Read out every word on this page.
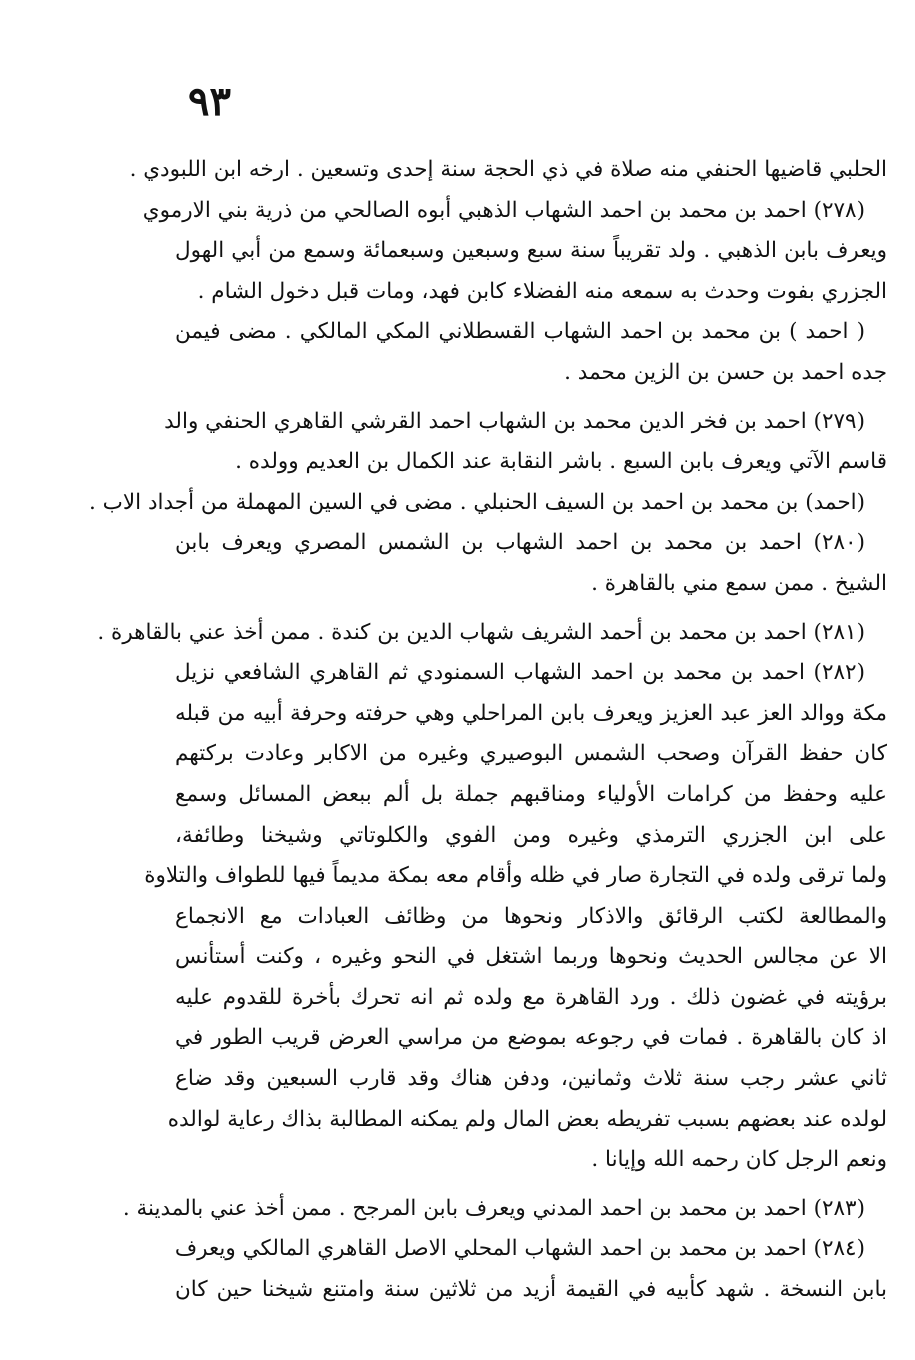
٩٣
الحلبي قاضيها الحنفي منه صلاة في ذي الحجة سنة إحدى وتسعين . ارخه ابن اللبودي .
(٢٧٨) احمد بن محمد بن احمد الشهاب الذهبي أبوه الصالحي من ذرية بني الارموي
ويعرف بابن الذهبي . ولد تقريباً سنة سبع وسبعين وسبعمائة وسمع من أبي الهول
الجزري بفوت وحدث به سمعه منه الفضلاء كابن فهد، ومات قبل دخول الشام .
( احمد ) بن محمد بن احمد الشهاب القسطلاني المكي المالكي . مضى فيمن
جده احمد بن حسن بن الزين محمد .
(٢٧٩) احمد بن فخر الدين محمد بن الشهاب احمد القرشي القاهري الحنفي والد
قاسم الآتي ويعرف بابن السبع . باشر النقابة عند الكمال بن العديم وولده .
(احمد) بن محمد بن احمد بن السيف الحنبلي . مضى في السين المهملة من أجداد الاب .
(٢٨٠) احمد بن محمد بن احمد الشهاب بن الشمس المصري ويعرف بابن
الشيخ . ممن سمع مني بالقاهرة .
(٢٨١) احمد بن محمد بن أحمد الشريف شهاب الدين بن كندة . ممن أخذ عني بالقاهرة .
(٢٨٢) احمد بن محمد بن احمد الشهاب السمنودي ثم القاهري الشافعي نزيل
مكة ووالد العز عبد العزيز ويعرف بابن المراحلي وهي حرفته وحرفة أبيه من قبله
كان حفظ القرآن وصحب الشمس البوصيري وغيره من الاكابر وعادت بركتهم
عليه وحفظ من كرامات الأولياء ومناقبهم جملة بل ألم ببعض المسائل وسمع
على ابن الجزري الترمذي وغيره ومن الفوي والكلوتاتي وشيخنا وطائفة،
ولما ترقى ولده في التجارة صار في ظله وأقام معه بمكة مديماً فيها للطواف والتلاوة
والمطالعة لكتب الرقائق والاذكار ونحوها من وظائف العبادات مع الانجماع
الا عن مجالس الحديث ونحوها وربما اشتغل في النحو وغيره ، وكنت أستأنس
برؤيته في غضون ذلك . ورد القاهرة مع ولده ثم انه تحرك بأخرة للقدوم عليه
اذ كان بالقاهرة . فمات في رجوعه بموضع من مراسي العرض قريب الطور في
ثاني عشر رجب سنة ثلاث وثمانين، ودفن هناك وقد قارب السبعين وقد ضاع
لولده عند بعضهم بسبب تفريطه بعض المال ولم يمكنه المطالبة بذاك رعاية لوالده
ونعم الرجل كان رحمه الله وإيانا .
(٢٨٣) احمد بن محمد بن احمد المدني ويعرف بابن المرجح . ممن أخذ عني بالمدينة .
(٢٨٤) احمد بن محمد بن احمد الشهاب المحلي الاصل القاهري المالكي ويعرف
بابن النسخة . شهد كأبيه في القيمة أزيد من ثلاثين سنة وامتنع شيخنا حين كان
